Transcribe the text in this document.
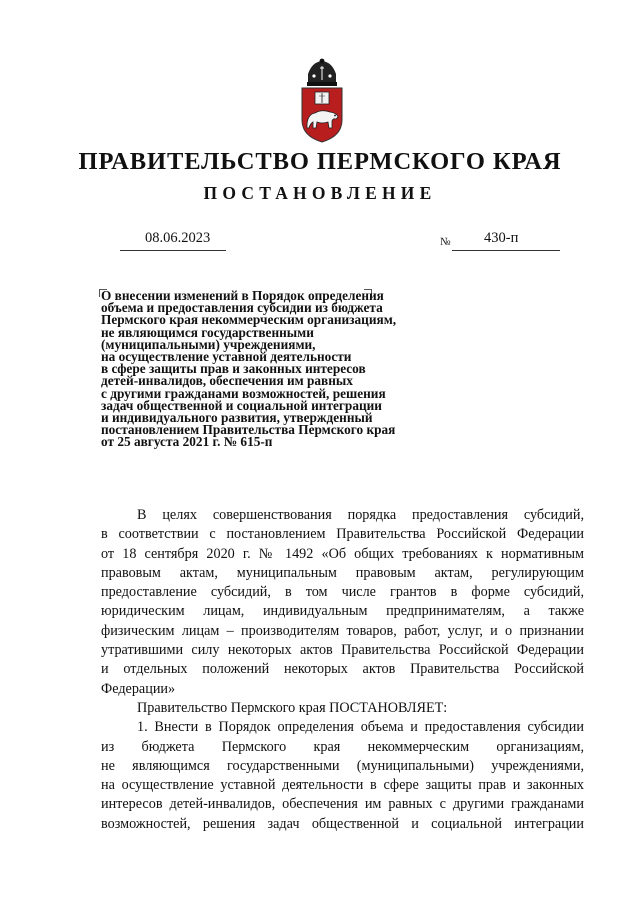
ПРАВИТЕЛЬСТВО ПЕРМСКОГО КРАЯ
ПОСТАНОВЛЕНИЕ
08.06.2023	№ 430-п
О внесении изменений в Порядок определения
объема и предоставления субсидии из бюджета
Пермского края некоммерческим организациям,
не являющимся государственными
(муниципальными) учреждениями,
на осуществление уставной деятельности
в сфере защиты прав и законных интересов
детей-инвалидов, обеспечения им равных
с другими гражданами возможностей, решения
задач общественной и социальной интеграции
и индивидуального развития, утвержденный
постановлением Правительства Пермского края
от 25 августа 2021 г. № 615-п
В целях совершенствования порядка предоставления субсидий,
в соответствии с постановлением Правительства Российской Федерации
от 18 сентября 2020 г. № 1492 «Об общих требованиях к нормативным
правовым актам, муниципальным правовым актам, регулирующим
предоставление субсидий, в том числе грантов в форме субсидий,
юридическим лицам, индивидуальным предпринимателям, а также
физическим лицам – производителям товаров, работ, услуг, и о признании
утратившими силу некоторых актов Правительства Российской Федерации
и отдельных положений некоторых актов Правительства Российской
Федерации»
Правительство Пермского края ПОСТАНОВЛЯЕТ:
1. Внести в Порядок определения объема и предоставления субсидии
из бюджета Пермского края некоммерческим организациям,
не являющимся государственными (муниципальными) учреждениями,
на осуществление уставной деятельности в сфере защиты прав и законных
интересов детей-инвалидов, обеспечения им равных с другими гражданами
возможностей, решения задач общественной и социальной интеграции
